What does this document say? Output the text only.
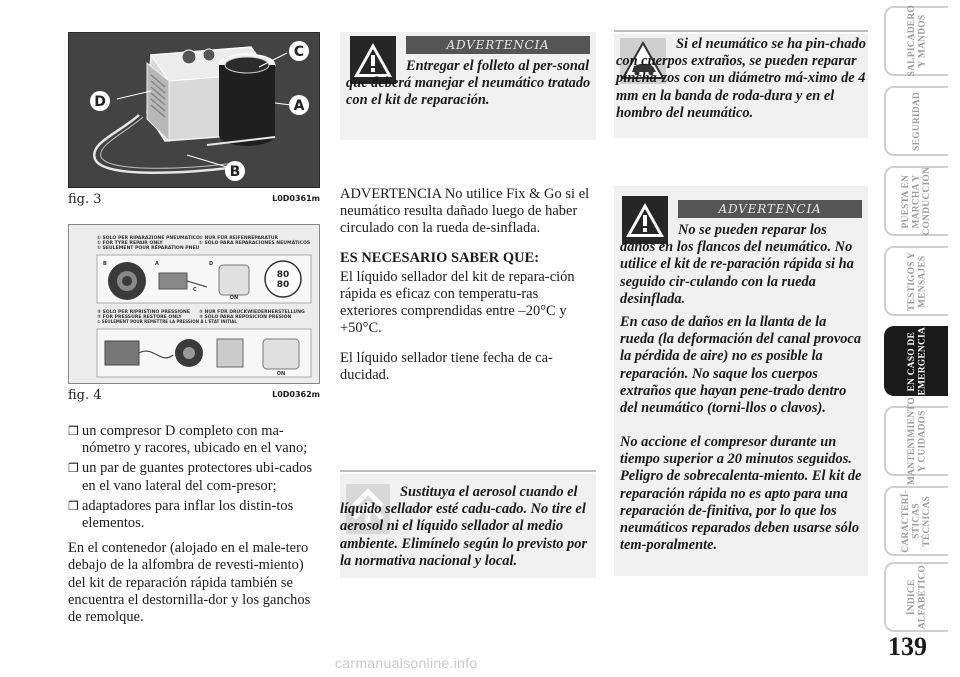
C
D	A
B
fig. 3	L0D0361m
① SOLO PER RIPARAZIONE PNEUMATICO
① FOR TYRE REPAIR ONLY
① SEULEMENT POUR RÉPARATION PNEU
① NUR FÜR REIFENREPARATUR
① SÓLO PARA REPARACIONES NEUMÁTICOS
② SOLO PER RIPRISTINO PRESSIONE
② FOR PRESSURE RESTORE ONLY
② SEULEMENT POUR REMETTRE LA PRESSION À L'ÉTAT INITIAL
② NUR FÜR DRUCKWIEDERHERSTELLUNG
② SÓLO PARA REPOSICIÓN PRESIÓN
B	A	D
C
ON
80
80
ON
fig. 4	L0D0362m
❒ un compresor D completo con ma-nómetro y racores, ubicado en el vano;
❒ un par de guantes protectores ubi-cados en el vano lateral del com-presor;
❒ adaptadores para inflar los distin-tos elementos.

En el contenedor (alojado en el male-tero debajo de la alfombra de revesti-miento) del kit de reparación rápida también se encuentra el destornilla-dor y los ganchos de remolque.

ADVERTENCIA
Entregar el folleto al per-sonal que deberá manejar el neumático tratado con el kit de reparación.

ADVERTENCIA No utilice Fix & Go si el neumático resulta dañado luego de haber circulado con la rueda de-sinflada.

ES NECESARIO SABER QUE:

El líquido sellador del kit de repara-ción rápida es eficaz con temperatu-ras exteriores comprendidas entre –20°C y +50°C.

El líquido sellador tiene fecha de ca-ducidad.

Sustituya el aerosol cuando el líquido sellador esté cadu-cado. No tire el aerosol ni el líquido sellador al medio ambiente. Elimínelo según lo previsto por la normativa nacional y local.
Si el neumático se ha pin-chado con cuerpos extraños, se pueden reparar pincha-zos con un diámetro má-ximo de 4 mm en la banda de roda-dura y en el hombro del neumático.
ADVERTENCIA
No se pueden reparar los daños en los flancos del neumático. No utilice el kit de re-paración rápida si ha seguido cir-culando con la rueda desinflada.
En caso de daños en la llanta de la rueda (la deformación del canal provoca la pérdida de aire) no es posible la reparación. No saque los cuerpos extraños que hayan pene-trado dentro del neumático (torni-llos o clavos).
No accione el compresor durante un tiempo superior a 20 minutos seguidos. Peligro de sobrecalenta-miento. El kit de reparación rápida no es apto para una reparación de-finitiva, por lo que los neumáticos reparados deben usarse sólo tem-poralmente.
SALPICADERO
Y MANDOS
SEGURIDAD
PUESTA EN
MARCHA Y
CONDUCCIÓN
TESTIGOS Y
MENSAJES
EN CASO DE
EMERGENCIA
MANTENIMIENTO
Y CUIDADOS
CARACTERÍ-
STICAS
TÉCNICAS
ÍNDICE
ALFABÉTICO
139
carmanualsonline.info
